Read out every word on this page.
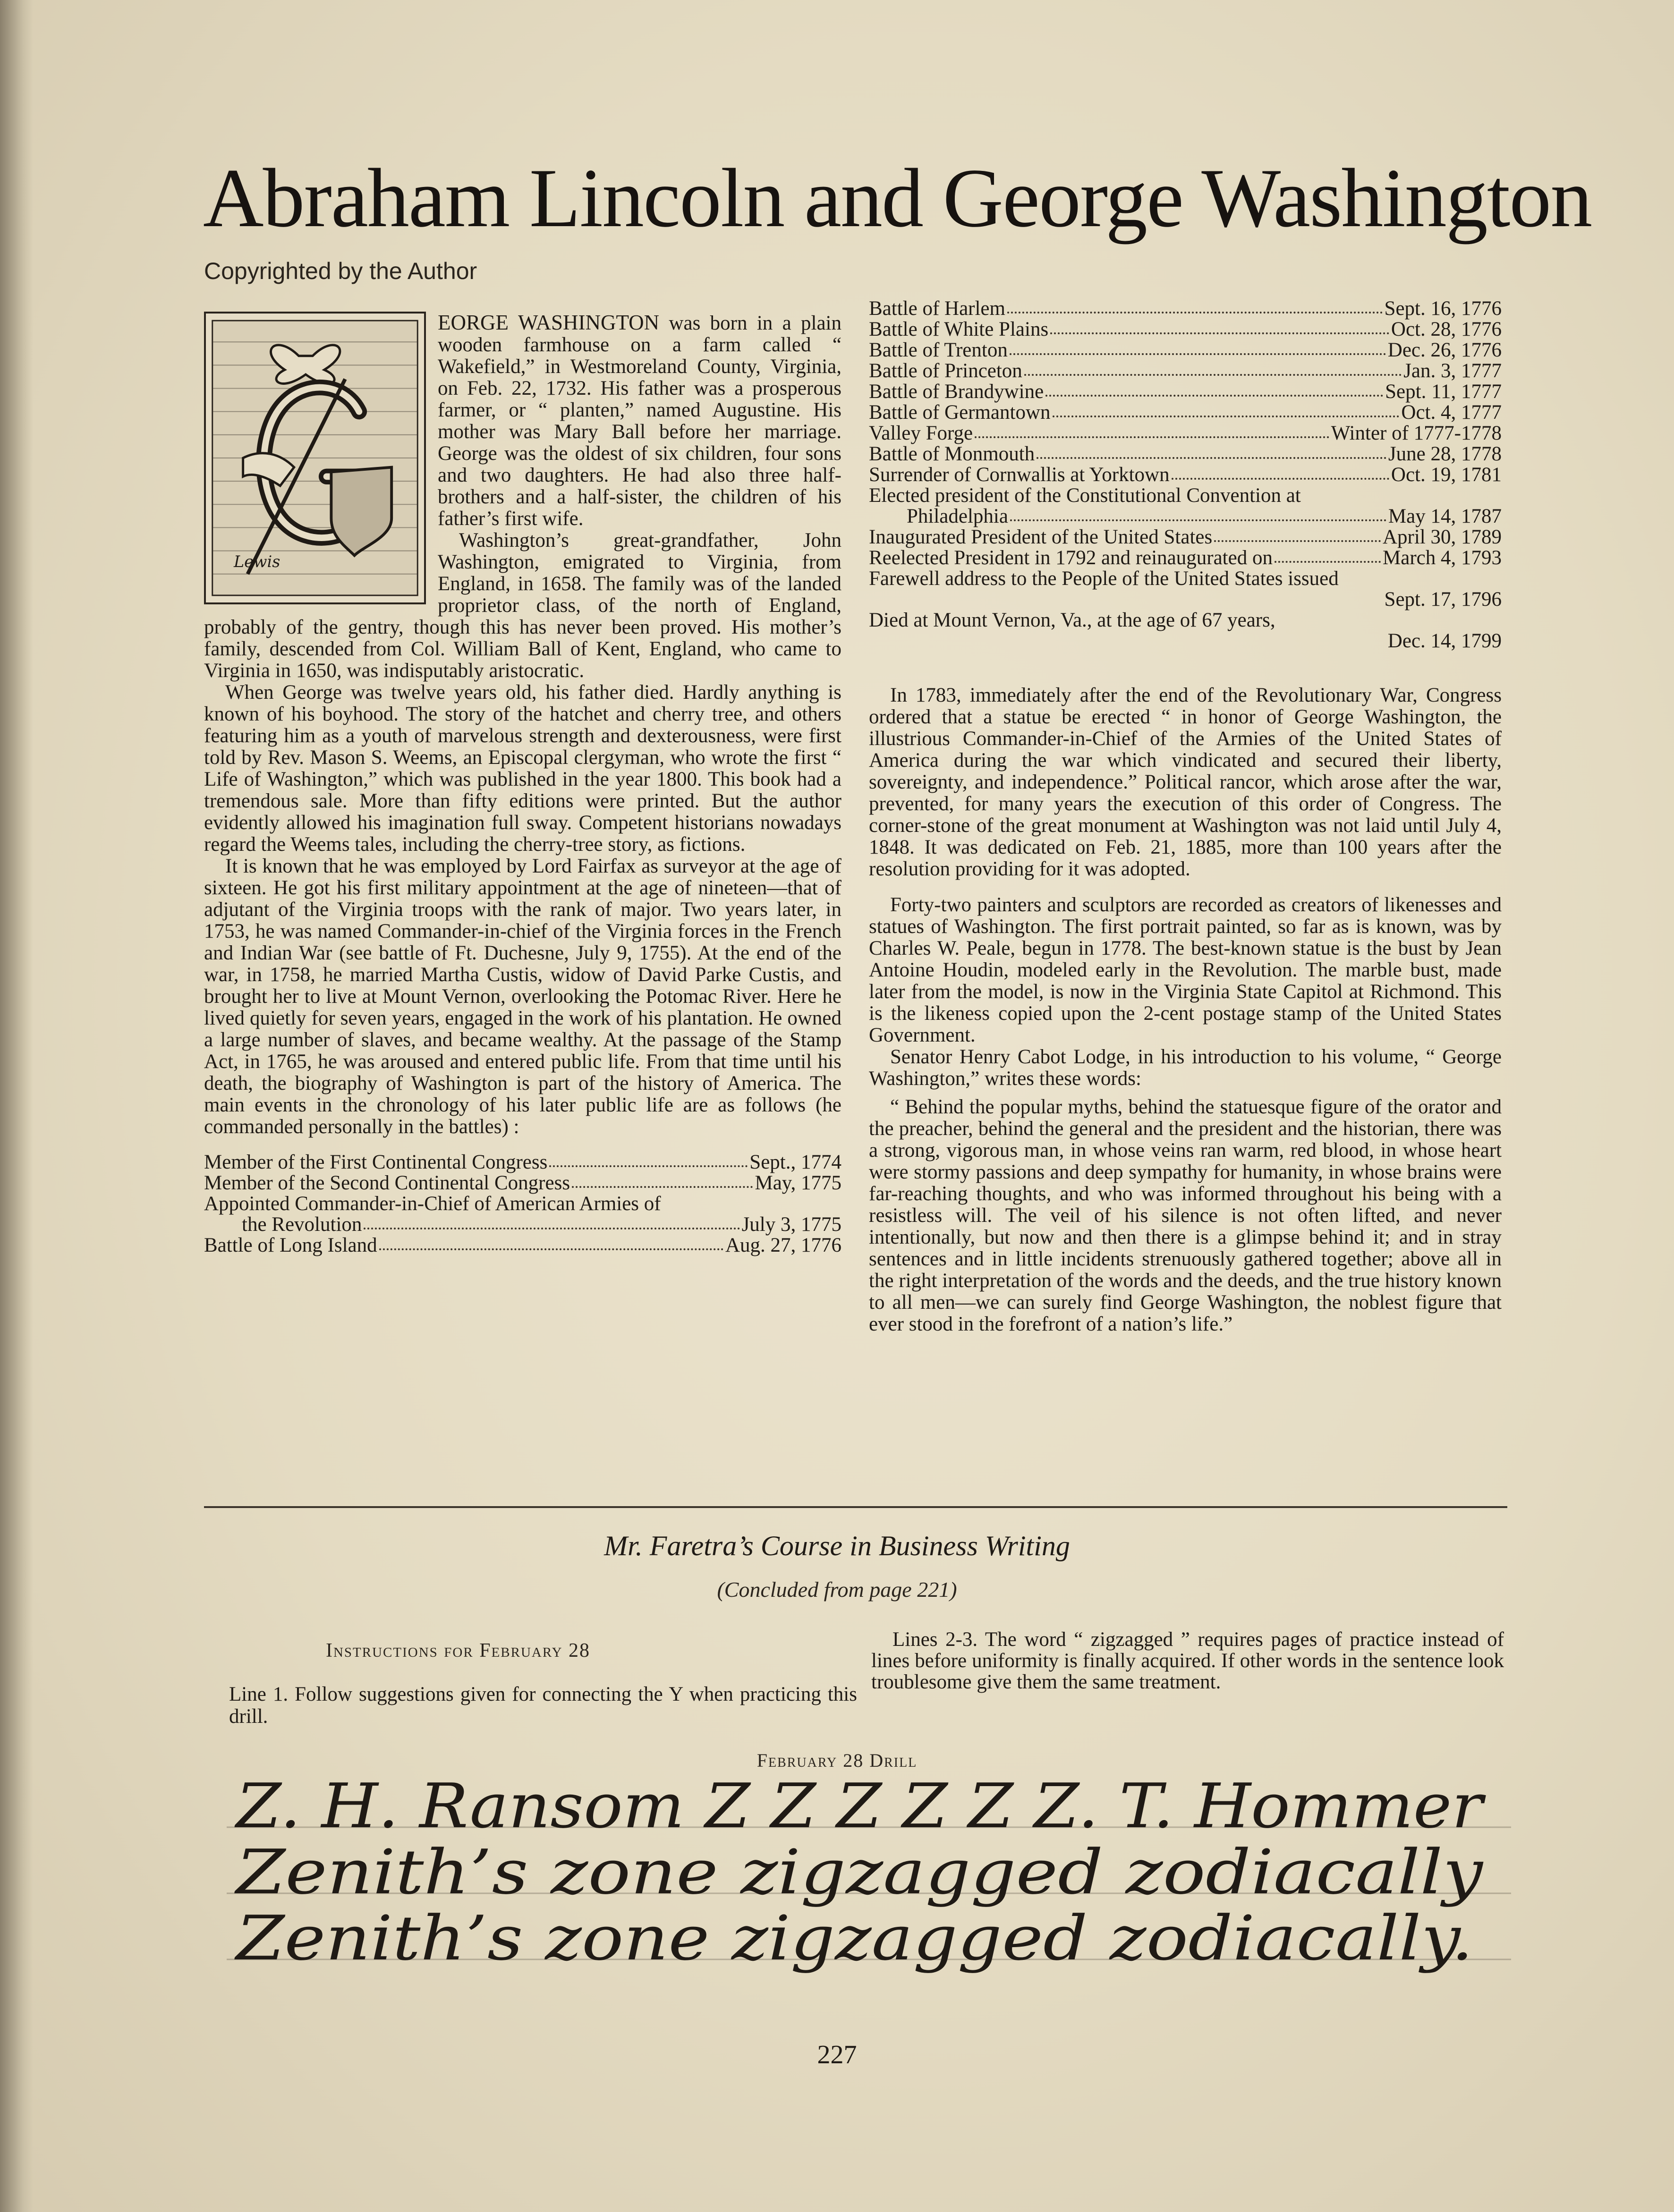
Abraham Lincoln and George Washington
Copyrighted by the Author
Lewis

EORGE WASHINGTON was born in a plain wooden farmhouse on a farm called “ Wakefield,” in Westmoreland County, Virginia, on Feb. 22, 1732. His father was a prosperous farmer, or “ planten,” named Augustine. His mother was Mary Ball before her marriage. George was the oldest of six children, four sons and two daughters. He had also three half-brothers and a half-sister, the children of his father’s first wife.

Washington’s great-grandfather, John Washington, emigrated to Virginia, from England, in 1658. The family was of the landed proprietor class, of the north of England, probably of the gentry, though this has never been proved. His mother’s family, descended from Col. William Ball of Kent, England, who came to Virginia in 1650, was indisputably aristocratic.

When George was twelve years old, his father died. Hardly anything is known of his boyhood. The story of the hatchet and cherry tree, and others featuring him as a youth of marvelous strength and dexterousness, were first told by Rev. Mason S. Weems, an Episcopal clergyman, who wrote the first “ Life of Washington,” which was published in the year 1800. This book had a tremendous sale. More than fifty editions were printed. But the author evidently allowed his imagination full sway. Competent historians nowadays regard the Weems tales, including the cherry-tree story, as fictions.

It is known that he was employed by Lord Fairfax as surveyor at the age of sixteen. He got his first military appointment at the age of nineteen—that of adjutant of the Virginia troops with the rank of major. Two years later, in 1753, he was named Commander-in-chief of the Virginia forces in the French and Indian War (see battle of Ft. Duchesne, July 9, 1755). At the end of the war, in 1758, he married Martha Custis, widow of David Parke Custis, and brought her to live at Mount Vernon, overlooking the Potomac River. Here he lived quietly for seven years, engaged in the work of his plantation. He owned a large number of slaves, and became wealthy. At the passage of the Stamp Act, in 1765, he was aroused and entered public life. From that time until his death, the biography of Washington is part of the history of America. The main events in the chronology of his later public life are as follows (he commanded personally in the battles) :

Member of the First Continental Congress	Sept., 1774
Member of the Second Continental Congress	May, 1775
Appointed Commander-in-Chief of American Armies of
the Revolution	July 3, 1775
Battle of Long Island	Aug. 27, 1776
Battle of Harlem	Sept. 16, 1776
Battle of White Plains	Oct. 28, 1776
Battle of Trenton	Dec. 26, 1776
Battle of Princeton	Jan. 3, 1777
Battle of Brandywine	Sept. 11, 1777
Battle of Germantown	Oct. 4, 1777
Valley Forge	Winter of 1777-1778
Battle of Monmouth	June 28, 1778
Surrender of Cornwallis at Yorktown	Oct. 19, 1781
Elected president of the Constitutional Convention at
Philadelphia	May 14, 1787
Inaugurated President of the United States	April 30, 1789
Reelected President in 1792 and reinaugurated on	March 4, 1793
Farewell address to the People of the United States issued
Sept. 17, 1796
Died at Mount Vernon, Va., at the age of 67 years,
Dec. 14, 1799

In 1783, immediately after the end of the Revolutionary War, Congress ordered that a statue be erected “ in honor of George Washington, the illustrious Commander-in-Chief of the Armies of the United States of America during the war which vindicated and secured their liberty, sovereignty, and independence.” Political rancor, which arose after the war, prevented, for many years the execution of this order of Congress. The corner-stone of the great monument at Washington was not laid until July 4, 1848. It was dedicated on Feb. 21, 1885, more than 100 years after the resolution providing for it was adopted.

Forty-two painters and sculptors are recorded as creators of likenesses and statues of Washington. The first portrait painted, so far as is known, was by Charles W. Peale, begun in 1778. The best-known statue is the bust by Jean Antoine Houdin, modeled early in the Revolution. The marble bust, made later from the model, is now in the Virginia State Capitol at Richmond. This is the likeness copied upon the 2-cent postage stamp of the United States Government.

Senator Henry Cabot Lodge, in his introduction to his volume, “ George Washington,” writes these words:

“ Behind the popular myths, behind the statuesque figure of the orator and the preacher, behind the general and the president and the historian, there was a strong, vigorous man, in whose veins ran warm, red blood, in whose heart were stormy passions and deep sympathy for humanity, in whose brains were far-reaching thoughts, and who was informed throughout his being with a resistless will. The veil of his silence is not often lifted, and never intentionally, but now and then there is a glimpse behind it; and in stray sentences and in little incidents strenuously gathered together; above all in the right interpretation of the words and the deeds, and the true history known to all men—we can surely find George Washington, the noblest figure that ever stood in the forefront of a nation’s life.”

Mr. Faretra’s Course in Business Writing
(Concluded from page 221)
Instructions for February 28
Line 1. Follow suggestions given for connecting the Y when practicing this drill.
Lines 2-3. The word “ zigzagged ” requires pages of practice instead of lines before uniformity is finally acquired. If other words in the sentence look troublesome give them the same treatment.
February 28 Drill
Z. H. Ransom Z Z Z Z Z Z. T. Hommer
Zenith’s zone zigzagged zodiacally
Zenith’s zone zigzagged zodiacally.
227
